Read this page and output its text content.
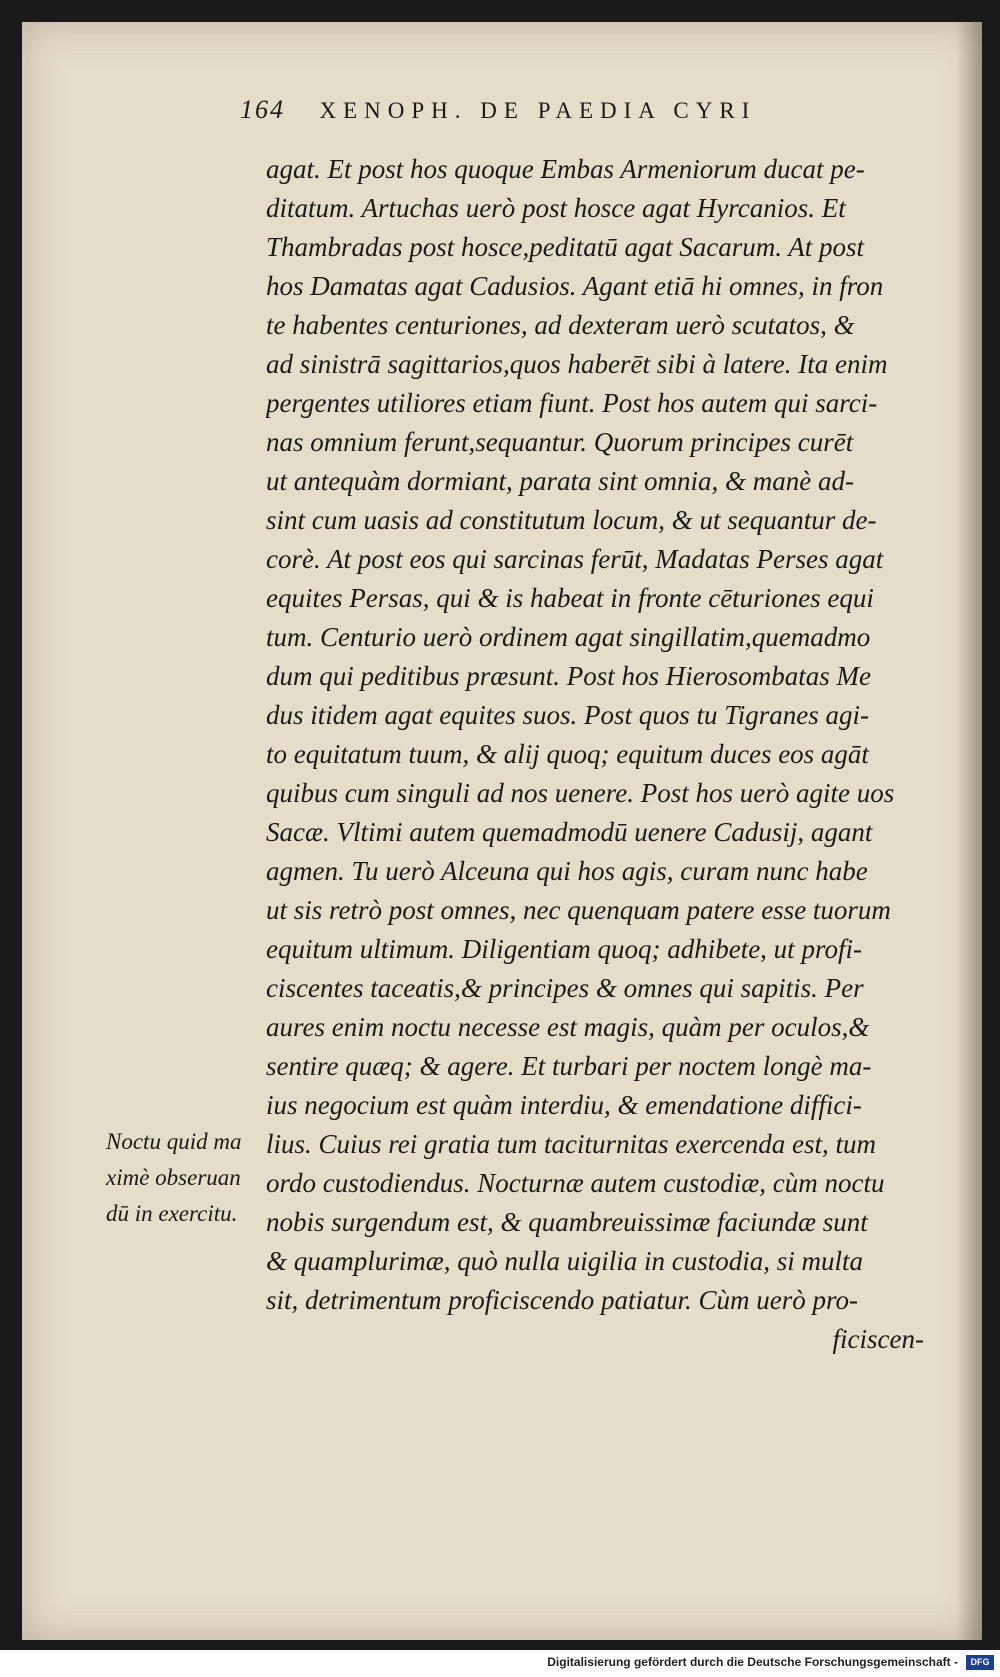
164 XENOPH. DE PAEDIA CYRI
agat. Et post hos quoque Embas Armeniorum ducat pe-
ditatum. Artuchas uerò post hosce agat Hyrcanios. Et
Thambradas post hosce,peditatū agat Sacarum. At post
hos Damatas agat Cadusios. Agant etiā hi omnes, in fron
te habentes centuriones, ad dexteram uerò scutatos, &
ad sinistrā sagittarios,quos haberēt sibi à latere. Ita enim
pergentes utiliores etiam fiunt. Post hos autem qui sarci-
nas omnium ferunt,sequantur. Quorum principes curēt
ut antequàm dormiant, parata sint omnia, & manè ad-
sint cum uasis ad constitutum locum, & ut sequantur de-
corè. At post eos qui sarcinas ferūt, Madatas Perses agat
equites Persas, qui & is habeat in fronte cēturiones equi
tum. Centurio uerò ordinem agat singillatim,quemadmo
dum qui peditibus præsunt. Post hos Hierosombatas Me
dus itidem agat equites suos. Post quos tu Tigranes agi-
to equitatum tuum, & alij quoq; equitum duces eos agāt
quibus cum singuli ad nos uenere. Post hos uerò agite uos
Sacæ. Vltimi autem quemadmodū uenere Cadusij, agant
agmen. Tu uerò Alceuna qui hos agis, curam nunc habe
ut sis retrò post omnes, nec quenquam patere esse tuorum
equitum ultimum. Diligentiam quoq; adhibete, ut profi-
ciscentes taceatis,& principes & omnes qui sapitis. Per
aures enim noctu necesse est magis, quàm per oculos,&
sentire quæq; & agere. Et turbari per noctem longè ma-
ius negocium est quàm interdiu, & emendatione diffici-
lius. Cuius rei gratia tum taciturnitas exercenda est, tum
ordo custodiendus. Nocturnæ autem custodiæ, cùm noctu
nobis surgendum est, & quambreuissimæ faciundæ sunt
& quamplurimæ, quò nulla uigilia in custodia, si multa
sit, detrimentum proficiscendo patiatur. Cùm uerò pro-
ficiscen-
Noctu quid ma
ximè obseruan
dū in exercitu.
Digitalisierung gefördert durch die Deutsche Forschungsgemeinschaft -	DFG
